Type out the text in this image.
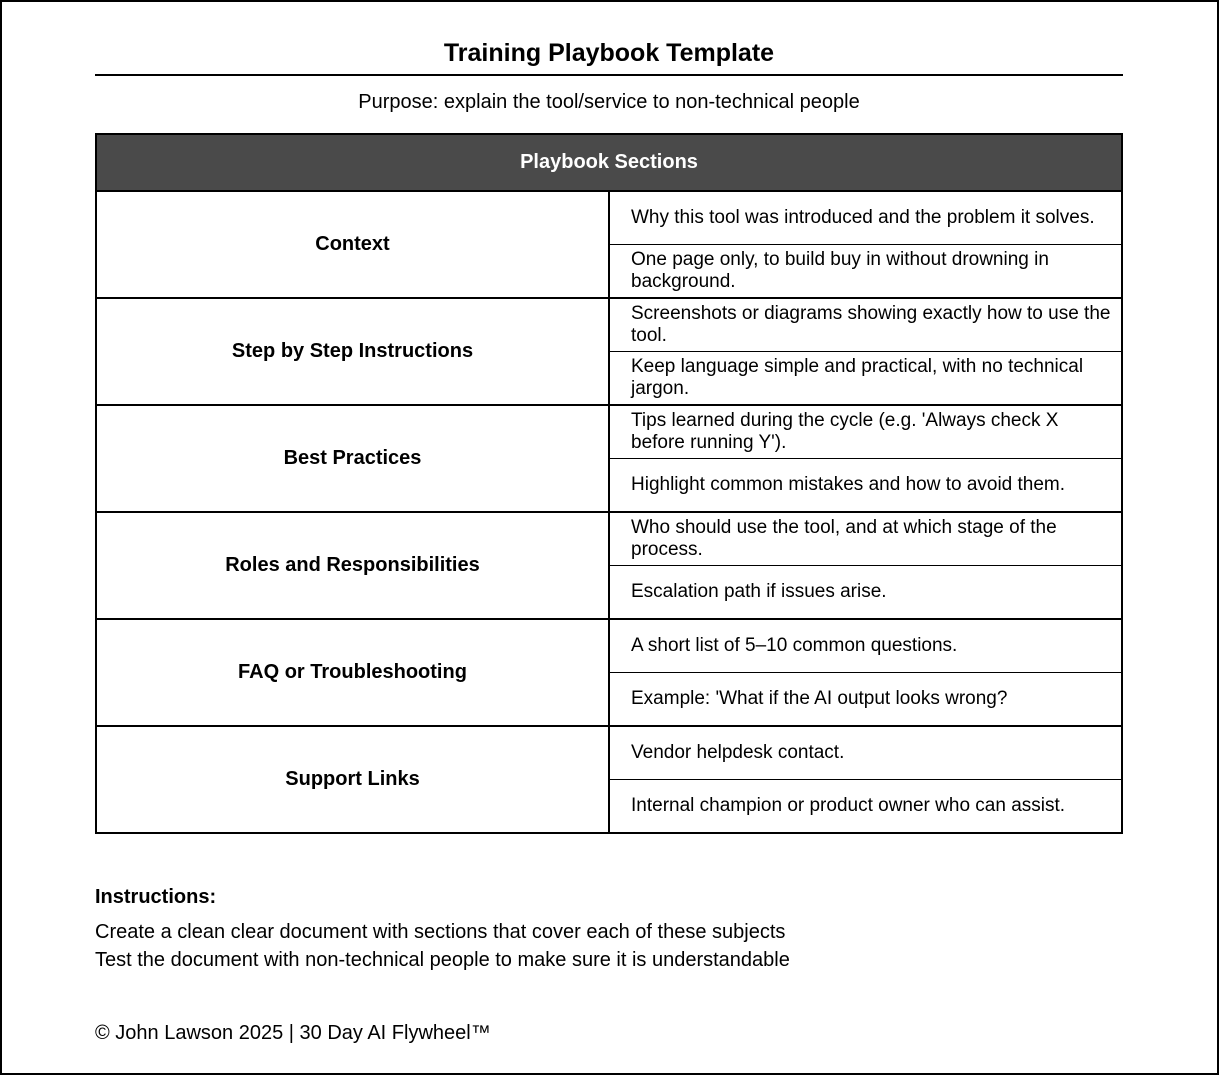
Training Playbook Template
Purpose: explain the tool/service to non-technical people
Playbook Sections	
Context	Why this tool was introduced and the problem it solves.
	One page only, to build buy in without drowning in background.
Step by Step Instructions	Screenshots or diagrams showing exactly how to use the tool.
	Keep language simple and practical, with no technical jargon.
Best Practices	Tips learned during the cycle (e.g. 'Always check X before running Y').
	Highlight common mistakes and how to avoid them.
Roles and Responsibilities	Who should use the tool, and at which stage of the process.
	Escalation path if issues arise.
FAQ or Troubleshooting	A short list of 5–10 common questions.
	Example: 'What if the AI output looks wrong?
Support Links	Vendor helpdesk contact.
	Internal champion or product owner who can assist.
Instructions:
Create a clean clear document with sections that cover each of these subjects
Test the document with non-technical people to make sure it is understandable
© John Lawson 2025 | 30 Day AI Flywheel™
